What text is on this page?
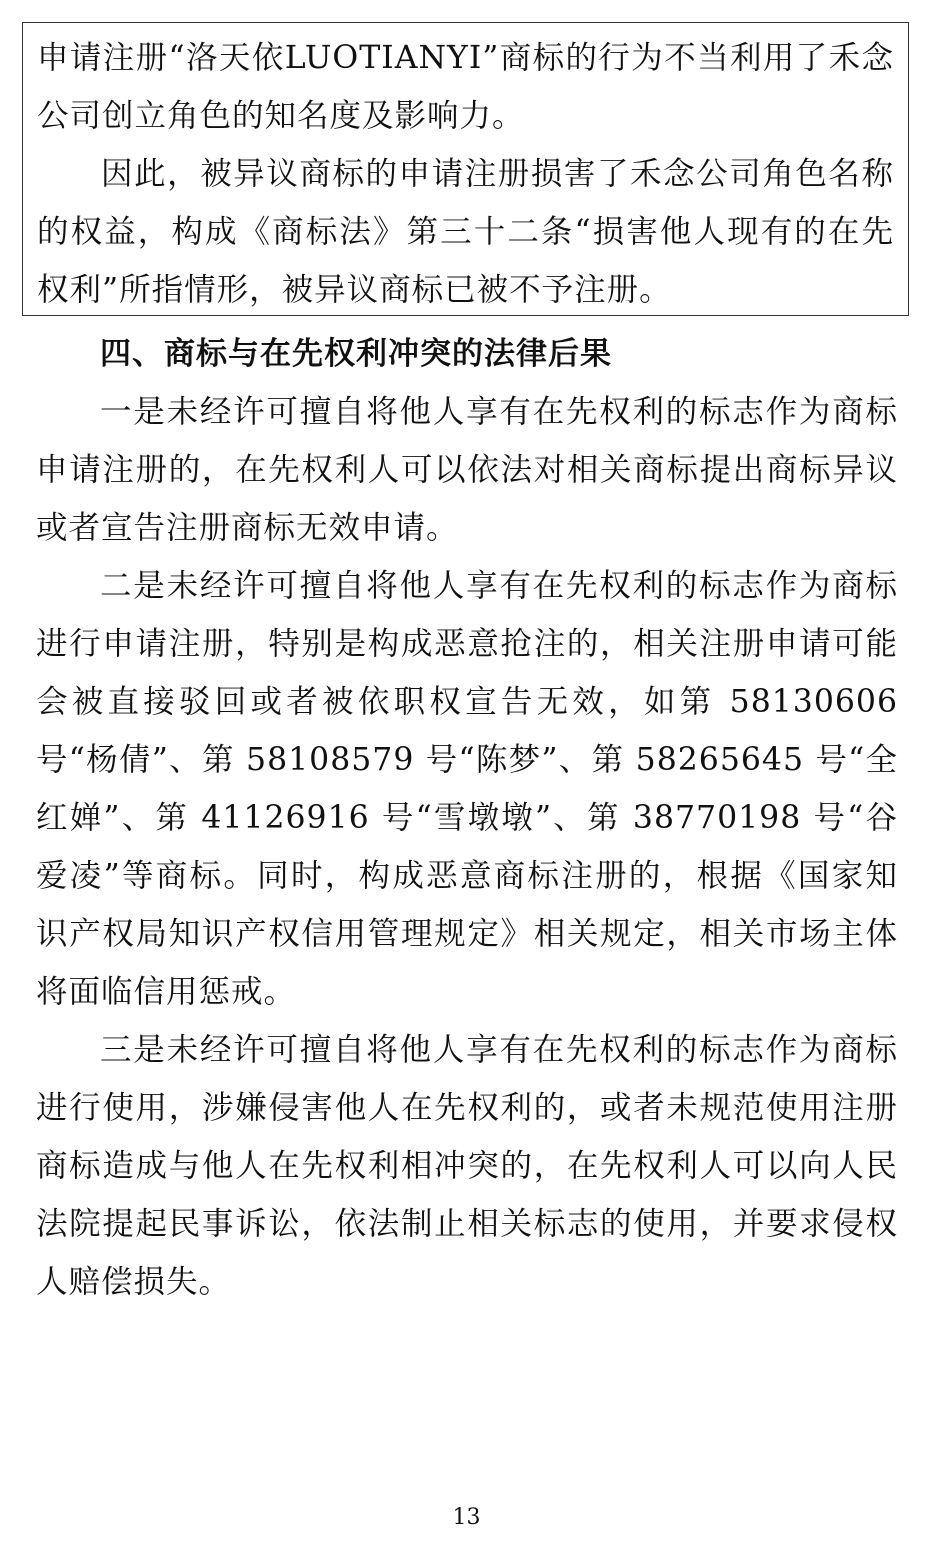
申请注册“洛天依LUOTIANYI”商标的行为不当利用了禾念公司创立角色的知名度及影响力。

因此，被异议商标的申请注册损害了禾念公司角色名称的权益，构成《商标法》第三十二条“损害他人现有的在先权利”所指情形，被异议商标已被不予注册。

四、商标与在先权利冲突的法律后果

一是未经许可擅自将他人享有在先权利的标志作为商标申请注册的，在先权利人可以依法对相关商标提出商标异议或者宣告注册商标无效申请。

二是未经许可擅自将他人享有在先权利的标志作为商标进行申请注册，特别是构成恶意抢注的，相关注册申请可能会被直接驳回或者被依职权宣告无效，如第 58130606 号“杨倩”、第 58108579 号“陈梦”、第 58265645 号“全红婵”、第 41126916 号“雪墩墩”、第 38770198 号“谷爱凌”等商标。同时，构成恶意商标注册的，根据《国家知识产权局知识产权信用管理规定》相关规定，相关市场主体将面临信用惩戒。

三是未经许可擅自将他人享有在先权利的标志作为商标进行使用，涉嫌侵害他人在先权利的，或者未规范使用注册商标造成与他人在先权利相冲突的，在先权利人可以向人民法院提起民事诉讼，依法制止相关标志的使用，并要求侵权人赔偿损失。

13
